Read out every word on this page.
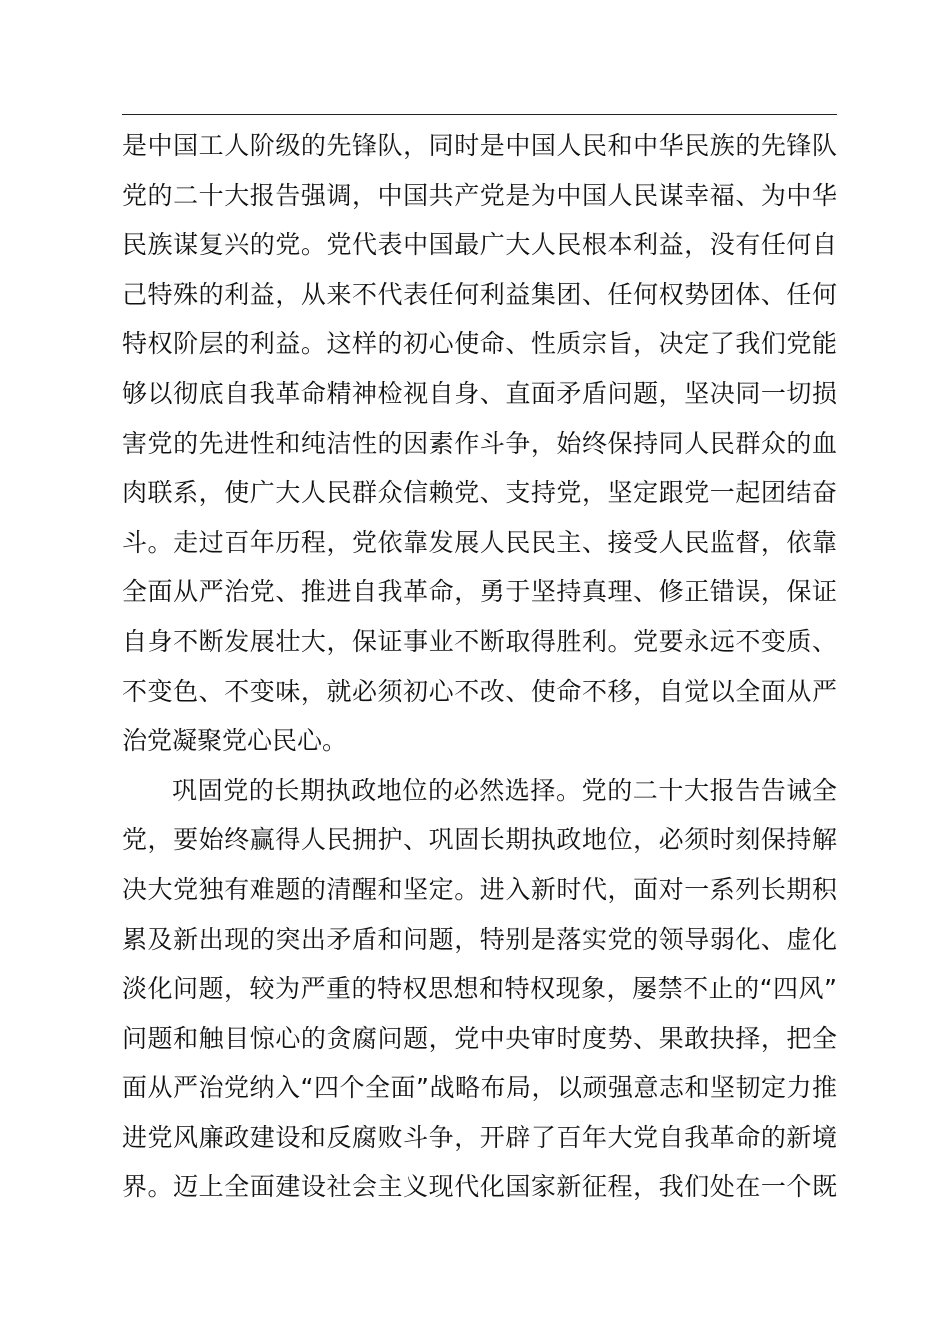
是中国工人阶级的先锋队，同时是中国人民和中华民族的先锋队
党的二十大报告强调，中国共产党是为中国人民谋幸福、为中华
民族谋复兴的党。党代表中国最广大人民根本利益，没有任何自
己特殊的利益，从来不代表任何利益集团、任何权势团体、任何
特权阶层的利益。这样的初心使命、性质宗旨，决定了我们党能
够以彻底自我革命精神检视自身、直面矛盾问题，坚决同一切损
害党的先进性和纯洁性的因素作斗争，始终保持同人民群众的血
肉联系，使广大人民群众信赖党、支持党，坚定跟党一起团结奋
斗。走过百年历程，党依靠发展人民民主、接受人民监督，依靠
全面从严治党、推进自我革命，勇于坚持真理、修正错误，保证
自身不断发展壮大，保证事业不断取得胜利。党要永远不变质、
不变色、不变味，就必须初心不改、使命不移，自觉以全面从严
治党凝聚党心民心。
巩固党的长期执政地位的必然选择。党的二十大报告告诫全
党，要始终赢得人民拥护、巩固长期执政地位，必须时刻保持解
决大党独有难题的清醒和坚定。进入新时代，面对一系列长期积
累及新出现的突出矛盾和问题，特别是落实党的领导弱化、虚化
淡化问题，较为严重的特权思想和特权现象，屡禁不止的“四风”
问题和触目惊心的贪腐问题，党中央审时度势、果敢抉择，把全
面从严治党纳入“四个全面”战略布局，以顽强意志和坚韧定力推
进党风廉政建设和反腐败斗争，开辟了百年大党自我革命的新境
界。迈上全面建设社会主义现代化国家新征程，我们处在一个既
